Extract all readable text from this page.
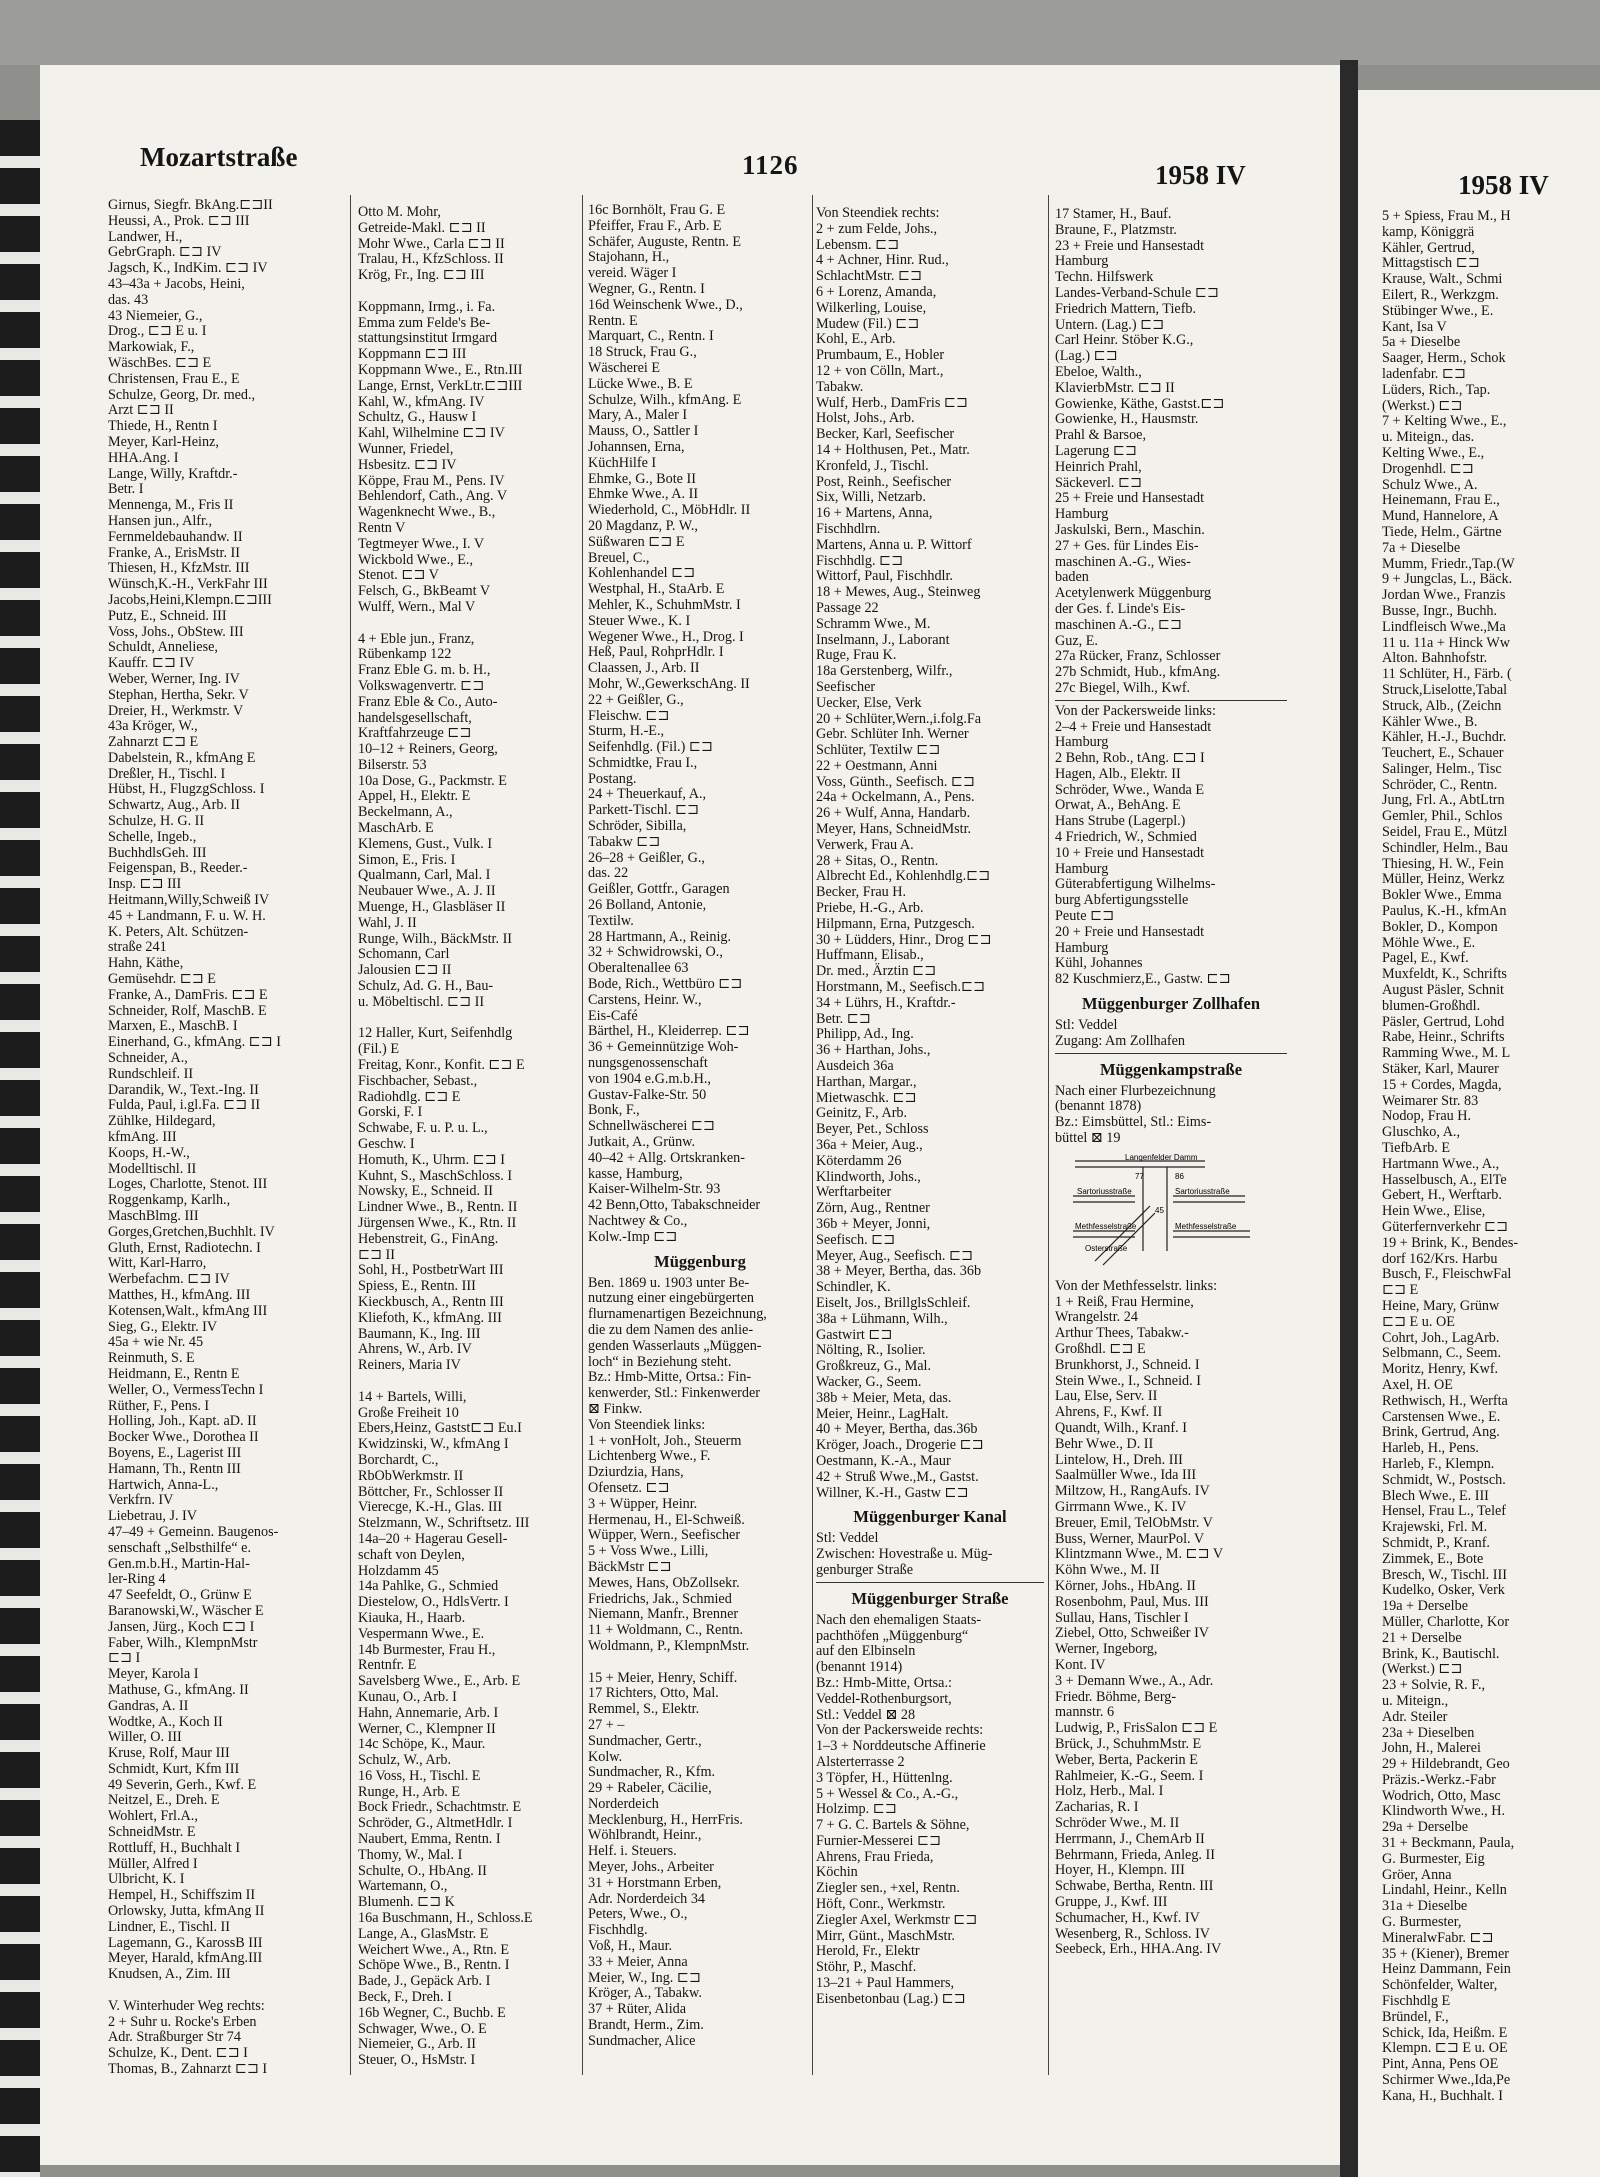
Mozartstraße	1126	1958 IV	1958 IV
Girnus, Siegfr. BkAng.⊏⊐II
Heussi, A., Prok. ⊏⊐ III
Landwer, H.,
GebrGraph. ⊏⊐ IV
Jagsch, K., IndKim. ⊏⊐ IV
43–43a + Jacobs, Heini,
das. 43
43 Niemeier, G.,
Drog., ⊏⊐ E u. I
Markowiak, F.,
WäschBes. ⊏⊐ E
Christensen, Frau E., E
Schulze, Georg, Dr. med.,
Arzt ⊏⊐ II
Thiede, H., Rentn I
Meyer, Karl-Heinz,
HHA.Ang. I
Lange, Willy, Kraftdr.-
Betr. I
Mennenga, M., Fris II
Hansen jun., Alfr.,
Fernmeldebauhandw. II
Franke, A., ErisMstr. II
Thiesen, H., KfzMstr. III
Wünsch,K.-H., VerkFahr III
Jacobs,Heini,Klempn.⊏⊐III
Putz, E., Schneid. III
Voss, Johs., ObStew. III
Schuldt, Anneliese,
Kauffr. ⊏⊐ IV
Weber, Werner, Ing. IV
Stephan, Hertha, Sekr. V
Dreier, H., Werkmstr. V
43a Kröger, W.,
Zahnarzt ⊏⊐ E
Dabelstein, R., kfmAng E
Dreßler, H., Tischl. I
Hübst, H., FlugzgSchloss. I
Schwartz, Aug., Arb. II
Schulze, H. G. II
Schelle, Ingeb.,
BuchhdlsGeh. III
Feigenspan, B., Reeder.-
Insp. ⊏⊐ III
Heitmann,Willy,Schweiß IV
45 + Landmann, F. u. W. H.
K. Peters, Alt. Schützen-
straße 241
Hahn, Käthe,
Gemüsehdr. ⊏⊐ E
Franke, A., DamFris. ⊏⊐ E
Schneider, Rolf, MaschB. E
Marxen, E., MaschB. I
Einerhand, G., kfmAng. ⊏⊐ I
Schneider, A.,
Rundschleif. II
Darandik, W., Text.-Ing. II
Fulda, Paul, i.gl.Fa. ⊏⊐ II
Zühlke, Hildegard,
kfmAng. III
Koops, H.-W.,
Modelltischl. II
Loges, Charlotte, Stenot. III
Roggenkamp, Karlh.,
MaschBlmg. III
Gorges,Gretchen,Buchhlt. IV
Gluth, Ernst, Radiotechn. I
Witt, Karl-Harro,
Werbefachm. ⊏⊐ IV
Matthes, H., kfmAng. III
Kotensen,Walt., kfmAng III
Sieg, G., Elektr. IV
45a + wie Nr. 45
Reinmuth, S. E
Heidmann, E., Rentn E
Weller, O., VermessTechn I
Rüther, F., Pens. I
Holling, Joh., Kapt. aD. II
Bocker Wwe., Dorothea II
Boyens, E., Lagerist III
Hamann, Th., Rentn III
Hartwich, Anna-L.,
Verkfrn. IV
Liebetrau, J. IV
47–49 + Gemeinn. Baugenos-
senschaft „Selbsthilfe“ e.
Gen.m.b.H., Martin-Hal-
ler-Ring 4
47 Seefeldt, O., Grünw E
Baranowski,W., Wäscher E
Jansen, Jürg., Koch ⊏⊐ I
Faber, Wilh., KlempnMstr
⊏⊐ I
Meyer, Karola I
Mathuse, G., kfmAng. II
Gandras, A. II
Wodtke, A., Koch II
Willer, O. III
Kruse, Rolf, Maur III
Schmidt, Kurt, Kfm III
49 Severin, Gerh., Kwf. E
Neitzel, E., Dreh. E
Wohlert, Frl.A.,
SchneidMstr. E
Rottluff, H., Buchhalt I
Müller, Alfred I
Ulbricht, K. I
Hempel, H., Schiffszim II
Orlowsky, Jutta, kfmAng II
Lindner, E., Tischl. II
Lagemann, G., KarossB III
Meyer, Harald, kfmAng.III
Knudsen, A., Zim. III

V. Winterhuder Weg rechts:
2 + Suhr u. Rocke's Erben
Adr. Straßburger Str 74
Schulze, K., Dent. ⊏⊐ I
Thomas, B., Zahnarzt ⊏⊐ I
Otto M. Mohr,
Getreide-Makl. ⊏⊐ II
Mohr Wwe., Carla ⊏⊐ II
Tralau, H., KfzSchloss. II
Krög, Fr., Ing. ⊏⊐ III

Koppmann, Irmg., i. Fa.
Emma zum Felde's Be-
stattungsinstitut Irmgard
Koppmann ⊏⊐ III
Koppmann Wwe., E., Rtn.III
Lange, Ernst, VerkLtr.⊏⊐III
Kahl, W., kfmAng. IV
Schultz, G., Hausw I
Kahl, Wilhelmine ⊏⊐ IV
Wunner, Friedel,
Hsbesitz. ⊏⊐ IV
Köppe, Frau M., Pens. IV
Behlendorf, Cath., Ang. V
Wagenknecht Wwe., B.,
Rentn V
Tegtmeyer Wwe., I. V
Wickbold Wwe., E.,
Stenot. ⊏⊐ V
Felsch, G., BkBeamt V
Wulff, Wern., Mal V

4 + Eble jun., Franz,
Rübenkamp 122
Franz Eble G. m. b. H.,
Volkswagenvertr. ⊏⊐
Franz Eble & Co., Auto-
handelsgesellschaft,
Kraftfahrzeuge ⊏⊐
10–12 + Reiners, Georg,
Bilserstr. 53
10a Dose, G., Packmstr. E
Appel, H., Elektr. E
Beckelmann, A.,
MaschArb. E
Klemens, Gust., Vulk. I
Simon, E., Fris. I
Qualmann, Carl, Mal. I
Neubauer Wwe., A. J. II
Muenge, H., Glasbläser II
Wahl, J. II
Runge, Wilh., BäckMstr. II
Schomann, Carl
Jalousien ⊏⊐ II
Schulz, Ad. G. H., Bau-
u. Möbeltischl. ⊏⊐ II

12 Haller, Kurt, Seifenhdlg
(Fil.) E
Freitag, Konr., Konfit. ⊏⊐ E
Fischbacher, Sebast.,
Radiohdlg. ⊏⊐ E
Gorski, F. I
Schwabe, F. u. P. u. L.,
Geschw. I
Homuth, K., Uhrm. ⊏⊐ I
Kuhnt, S., MaschSchloss. I
Nowsky, E., Schneid. II
Lindner Wwe., B., Rentn. II
Jürgensen Wwe., K., Rtn. II
Hebenstreit, G., FinAng.
⊏⊐ II
Sohl, H., PostbetrWart III
Spiess, E., Rentn. III
Kieckbusch, A., Rentn III
Kliefoth, K., kfmAng. III
Baumann, K., Ing. III
Ahrens, W., Arb. IV
Reiners, Maria IV

14 + Bartels, Willi,
Große Freiheit 10
Ebers,Heinz, Gastst⊏⊐ Eu.I
Kwidzinski, W., kfmAng I
Borchardt, C.,
RbObWerkmstr. II
Böttcher, Fr., Schlosser II
Vierecge, K.-H., Glas. III
Stelzmann, W., Schriftsetz. III
14a–20 + Hagerau Gesell-
schaft von Deylen,
Holzdamm 45
14a Pahlke, G., Schmied
Diestelow, O., HdlsVertr. I
Kiauka, H., Haarb.
Vespermann Wwe., E.
14b Burmester, Frau H.,
Rentnfr. E
Savelsberg Wwe., E., Arb. E
Kunau, O., Arb. I
Hahn, Annemarie, Arb. I
Werner, C., Klempner II
14c Schöpe, K., Maur.
Schulz, W., Arb.
16 Voss, H., Tischl. E
Runge, H., Arb. E
Bock Friedr., Schachtmstr. E
Schröder, G., AltmetHdlr. I
Naubert, Emma, Rentn. I
Thomy, W., Mal. I
Schulte, O., HbAng. II
Wartemann, O.,
Blumenh. ⊏⊐ K
16a Buschmann, H., Schloss.E
Lange, A., GlasMstr. E
Weichert Wwe., A., Rtn. E
Schöpe Wwe., B., Rentn. I
Bade, J., Gepäck Arb. I
Beck, F., Dreh. I
16b Wegner, C., Buchb. E
Schwager, Wwe., O. E
Niemeier, G., Arb. II
Steuer, O., HsMstr. I
16c Bornhölt, Frau G. E
Pfeiffer, Frau F., Arb. E
Schäfer, Auguste, Rentn. E
Stajohann, H.,
vereid. Wäger I
Wegner, G., Rentn. I
16d Weinschenk Wwe., D.,
Rentn. E
Marquart, C., Rentn. I
18 Struck, Frau G.,
Wäscherei E
Lücke Wwe., B. E
Schulze, Wilh., kfmAng. E
Mary, A., Maler I
Mauss, O., Sattler I
Johannsen, Erna,
KüchHilfe I
Ehmke, G., Bote II
Ehmke Wwe., A. II
Wiederhold, C., MöbHdlr. II
20 Magdanz, P. W.,
Süßwaren ⊏⊐ E
Breuel, C.,
Kohlenhandel ⊏⊐
Westphal, H., StaArb. E
Mehler, K., SchuhmMstr. I
Steuer Wwe., K. I
Wegener Wwe., H., Drog. I
Heß, Paul, RohprHdlr. I
Claassen, J., Arb. II
Mohr, W.,GewerkschAng. II
22 + Geißler, G.,
Fleischw. ⊏⊐
Sturm, H.-E.,
Seifenhdlg. (Fil.) ⊏⊐
Schmidtke, Frau I.,
Postang.
24 + Theuerkauf, A.,
Parkett-Tischl. ⊏⊐
Schröder, Sibilla,
Tabakw ⊏⊐
26–28 + Geißler, G.,
das. 22
Geißler, Gottfr., Garagen
26 Bolland, Antonie,
Textilw.
28 Hartmann, A., Reinig.
32 + Schwidrowski, O.,
Oberaltenallee 63
Bode, Rich., Wettbüro ⊏⊐
Carstens, Heinr. W.,
Eis-Café
Bärthel, H., Kleiderrep. ⊏⊐
36 + Gemeinnützige Woh-
nungsgenossenschaft
von 1904 e.G.m.b.H.,
Gustav-Falke-Str. 50
Bonk, F.,
Schnellwäscherei ⊏⊐
Jutkait, A., Grünw.
40–42 + Allg. Ortskranken-
kasse, Hamburg,
Kaiser-Wilhelm-Str. 93
42 Benn,Otto, Tabakschneider
Nachtwey & Co.,
Kolw.-Imp ⊏⊐
Müggenburg
Ben. 1869 u. 1903 unter Be-
nutzung einer eingebürgerten
flurnamenartigen Bezeichnung,
die zu dem Namen des anlie-
genden Wasserlauts „Müggen-
loch“ in Beziehung steht.
Bz.: Hmb-Mitte, Ortsa.: Fin-
kenwerder, Stl.: Finkenwerder
⊠ Finkw.
Von Steendiek links:
1 + vonHolt, Joh., Steuerm
Lichtenberg Wwe., F.
Dziurdzia, Hans,
Ofensetz. ⊏⊐
3 + Wüpper, Heinr.
Hermenau, H., El-Schweiß.
Wüpper, Wern., Seefischer
5 + Voss Wwe., Lilli,
BäckMstr ⊏⊐
Mewes, Hans, ObZollsekr.
Friedrichs, Jak., Schmied
Niemann, Manfr., Brenner
11 + Woldmann, C., Rentn.
Woldmann, P., KlempnMstr.

15 + Meier, Henry, Schiff.
17 Richters, Otto, Mal.
Remmel, S., Elektr.
27 + –
Sundmacher, Gertr.,
Kolw.
Sundmacher, R., Kfm.
29 + Rabeler, Cäcilie,
Norderdeich
Mecklenburg, H., HerrFris.
Wöhlbrandt, Heinr.,
Helf. i. Steuers.
Meyer, Johs., Arbeiter
31 + Horstmann Erben,
Adr. Norderdeich 34
Peters, Wwe., O.,
Fischhdlg.
Voß, H., Maur.
33 + Meier, Anna
Meier, W., Ing. ⊏⊐
Kröger, A., Tabakw.
37 + Rüter, Alida
Brandt, Herm., Zim.
Sundmacher, Alice
Von Steendiek rechts:
2 + zum Felde, Johs.,
Lebensm. ⊏⊐
4 + Achner, Hinr. Rud.,
SchlachtMstr. ⊏⊐
6 + Lorenz, Amanda,
Wilkerling, Louise,
Mudew (Fil.) ⊏⊐
Kohl, E., Arb.
Prumbaum, E., Hobler
12 + von Cölln, Mart.,
Tabakw.
Wulf, Herb., DamFris ⊏⊐
Holst, Johs., Arb.
Becker, Karl, Seefischer
14 + Holthusen, Pet., Matr.
Kronfeld, J., Tischl.
Post, Reinh., Seefischer
Six, Willi, Netzarb.
16 + Martens, Anna,
Fischhdlrn.
Martens, Anna u. P. Wittorf
Fischhdlg. ⊏⊐
Wittorf, Paul, Fischhdlr.
18 + Mewes, Aug., Steinweg
Passage 22
Schramm Wwe., M.
Inselmann, J., Laborant
Ruge, Frau K.
18a Gerstenberg, Wilfr.,
Seefischer
Uecker, Else, Verk
20 + Schlüter,Wern.,i.folg.Fa
Gebr. Schlüter Inh. Werner
Schlüter, Textilw ⊏⊐
22 + Oestmann, Anni
Voss, Günth., Seefisch. ⊏⊐
24a + Ockelmann, A., Pens.
26 + Wulf, Anna, Handarb.
Meyer, Hans, SchneidMstr.
Verwerk, Frau A.
28 + Sitas, O., Rentn.
Albrecht Ed., Kohlenhdlg.⊏⊐
Becker, Frau H.
Priebe, H.-G., Arb.
Hilpmann, Erna, Putzgesch.
30 + Lüdders, Hinr., Drog ⊏⊐
Huffmann, Elisab.,
Dr. med., Ärztin ⊏⊐
Horstmann, M., Seefisch.⊏⊐
34 + Lührs, H., Kraftdr.-
Betr. ⊏⊐
Philipp, Ad., Ing.
36 + Harthan, Johs.,
Ausdeich 36a
Harthan, Margar.,
Mietwaschk. ⊏⊐
Geinitz, F., Arb.
Beyer, Pet., Schloss
36a + Meier, Aug.,
Köterdamm 26
Klindworth, Johs.,
Werftarbeiter
Zörn, Aug., Rentner
36b + Meyer, Jonni,
Seefisch. ⊏⊐
Meyer, Aug., Seefisch. ⊏⊐
38 + Meyer, Bertha, das. 36b
Schindler, K.
Eiselt, Jos., BrillglsSchleif.
38a + Lühmann, Wilh.,
Gastwirt ⊏⊐
Nölting, R., Isolier.
Großkreuz, G., Mal.
Wacker, G., Seem.
38b + Meier, Meta, das.
Meier, Heinr., LagHalt.
40 + Meyer, Bertha, das.36b
Kröger, Joach., Drogerie ⊏⊐
Oestmann, K.-A., Maur
42 + Struß Wwe.,M., Gastst.
Willner, K.-H., Gastw ⊏⊐
Müggenburger Kanal
Stl: Veddel
Zwischen: Hovestraße u. Müg-
genburger Straße
Müggenburger Straße
Nach den ehemaligen Staats-
pachthöfen „Müggenburg“
auf den Elbinseln
(benannt 1914)
Bz.: Hmb-Mitte, Ortsa.:
Veddel-Rothenburgsort,
Stl.: Veddel ⊠ 28
Von der Packersweide rechts:
1–3 + Norddeutsche Affinerie
Alsterterrasse 2
3 Töpfer, H., Hüttenlng.
5 + Wessel & Co., A.-G.,
Holzimp. ⊏⊐
7 + G. C. Bartels & Söhne,
Furnier-Messerei ⊏⊐
Ahrens, Frau Frieda,
Köchin
Ziegler sen., +xel, Rentn.
Höft, Conr., Werkmstr.
Ziegler Axel, Werkmstr ⊏⊐
Mirr, Günt., MaschMstr.
Herold, Fr., Elektr
Stöhr, P., Maschf.
13–21 + Paul Hammers,
Eisenbetonbau (Lag.) ⊏⊐
17 Stamer, H., Bauf.
Braune, F., Platzmstr.
23 + Freie und Hansestadt
Hamburg
Techn. Hilfswerk
Landes-Verband-Schule ⊏⊐
Friedrich Mattern, Tiefb.
Untern. (Lag.) ⊏⊐
Carl Heinr. Stöber K.G.,
(Lag.) ⊏⊐
Ebeloe, Walth.,
KlavierbMstr. ⊏⊐ II
Gowienke, Käthe, Gastst.⊏⊐
Gowienke, H., Hausmstr.
Prahl & Barsoe,
Lagerung ⊏⊐
Heinrich Prahl,
Säckeverl. ⊏⊐
25 + Freie und Hansestadt
Hamburg
Jaskulski, Bern., Maschin.
27 + Ges. für Lindes Eis-
maschinen A.-G., Wies-
baden
Acetylenwerk Müggenburg
der Ges. f. Linde's Eis-
maschinen A.-G., ⊏⊐
Guz, E.
27a Rücker, Franz, Schlosser
27b Schmidt, Hub., kfmAng.
27c Biegel, Wilh., Kwf.
Von der Packersweide links:
2–4 + Freie und Hansestadt
Hamburg
2 Behn, Rob., tAng. ⊏⊐ I
Hagen, Alb., Elektr. II
Schröder, Wwe., Wanda E
Orwat, A., BehAng. E
Hans Strube (Lagerpl.)
4 Friedrich, W., Schmied
10 + Freie und Hansestadt
Hamburg
Güterabfertigung Wilhelms-
burg Abfertigungsstelle
Peute ⊏⊐
20 + Freie und Hansestadt
Hamburg
Kühl, Johannes
82 Kuschmierz,E., Gastw. ⊏⊐
Müggenburger Zollhafen
Stl: Veddel
Zugang: Am Zollhafen
Müggenkampstraße
Nach einer Flurbezeichnung
(benannt 1878)
Bz.: Eimsbüttel, Stl.: Eims-
büttel ⊠ 19
Langenfelder Damm
86
77
Sartoriusstraße
45
Sartoriusstraße
Methfesselstraße	Methfesselstraße
Osterstraße
Von der Methfesselstr. links:
1 + Reiß, Frau Hermine,
Wrangelstr. 24
Arthur Thees, Tabakw.-
Großhdl. ⊏⊐ E
Brunkhorst, J., Schneid. I
Stein Wwe., I., Schneid. I
Lau, Else, Serv. II
Ahrens, F., Kwf. II
Quandt, Wilh., Kranf. I
Behr Wwe., D. II
Lintelow, H., Dreh. III
Saalmüller Wwe., Ida III
Miltzow, H., RangAufs. IV
Girrmann Wwe., K. IV
Breuer, Emil, TelObMstr. V
Buss, Werner, MaurPol. V
Klintzmann Wwe., M. ⊏⊐ V
Köhn Wwe., M. II
Körner, Johs., HbAng. II
Rosenbohm, Paul, Mus. III
Sullau, Hans, Tischler I
Ziebel, Otto, Schweißer IV
Werner, Ingeborg,
Kont. IV
3 + Demann Wwe., A., Adr.
Friedr. Böhme, Berg-
mannstr. 6
Ludwig, P., FrisSalon ⊏⊐ E
Brück, J., SchuhmMstr. E
Weber, Berta, Packerin E
Rahlmeier, K.-G., Seem. I
Holz, Herb., Mal. I
Zacharias, R. I
Schröder Wwe., M. II
Herrmann, J., ChemArb II
Behrmann, Frieda, Anleg. II
Hoyer, H., Klempn. III
Schwabe, Bertha, Rentn. III
Gruppe, J., Kwf. III
Schumacher, H., Kwf. IV
Wesenberg, R., Schloss. IV
Seebeck, Erh., HHA.Ang. IV
5 + Spiess, Frau M., H
kamp, Königgrä
Kähler, Gertrud,
Mittagstisch ⊏⊐
Krause, Walt., Schmi
Eilert, R., Werkzgm.
Stübinger Wwe., E.
Kant, Isa V
5a + Dieselbe
Saager, Herm., Schok
ladenfabr. ⊏⊐
Lüders, Rich., Tap.
(Werkst.) ⊏⊐
7 + Kelting Wwe., E.,
u. Miteign., das.
Kelting Wwe., E.,
Drogenhdl. ⊏⊐
Schulz Wwe., A.
Heinemann, Frau E.,
Mund, Hannelore, A
Tiede, Helm., Gärtne
7a + Dieselbe
Mumm, Friedr.,Tap.(W
9 + Jungclas, L., Bäck.
Jordan Wwe., Franzis
Busse, Ingr., Buchh.
Lindfleisch Wwe.,Ma
11 u. 11a + Hinck Ww
Alton. Bahnhofstr.
11 Schlüter, H., Färb. (
Struck,Liselotte,Tabal
Struck, Alb., (Zeichn
Kähler Wwe., B.
Kähler, H.-J., Buchdr.
Teuchert, E., Schauer
Salinger, Helm., Tisc
Schröder, C., Rentn.
Jung, Frl. A., AbtLtrn
Gemler, Phil., Schlos
Seidel, Frau E., Mützl
Schindler, Helm., Bau
Thiesing, H. W., Fein
Müller, Heinz, Werkz
Bokler Wwe., Emma
Paulus, K.-H., kfmAn
Bokler, D., Kompon
Möhle Wwe., E.
Pagel, E., Kwf.
Muxfeldt, K., Schrifts
August Päsler, Schnit
blumen-Großhdl.
Päsler, Gertrud, Lohd
Rabe, Heinr., Schrifts
Ramming Wwe., M. L
Stäker, Karl, Maurer
15 + Cordes, Magda,
Weimarer Str. 83
Nodop, Frau H.
Gluschko, A.,
TiefbArb. E
Hartmann Wwe., A.,
Hasselbusch, A., ElTe
Gebert, H., Werftarb.
Hein Wwe., Elise,
Güterfernverkehr ⊏⊐
19 + Brink, K., Bendes-
dorf 162/Krs. Harbu
Busch, F., FleischwFal
⊏⊐ E
Heine, Mary, Grünw
⊏⊐ E u. OE
Cohrt, Joh., LagArb.
Selbmann, C., Seem.
Moritz, Henry, Kwf.
Axel, H. OE
Rethwisch, H., Werfta
Carstensen Wwe., E.
Brink, Gertrud, Ang.
Harleb, H., Pens.
Harleb, F., Klempn.
Schmidt, W., Postsch.
Blech Wwe., E. III
Hensel, Frau L., Telef
Krajewski, Frl. M.
Schmidt, P., Kranf.
Zimmek, E., Bote
Bresch, W., Tischl. III
Kudelko, Osker, Verk
19a + Derselbe
Müller, Charlotte, Kor
21 + Derselbe
Brink, K., Bautischl.
(Werkst.) ⊏⊐
23 + Solvie, R. F.,
u. Miteign.,
Adr. Steiler
23a + Dieselben
John, H., Malerei
29 + Hildebrandt, Geo
Präzis.-Werkz.-Fabr
Wodrich, Otto, Masc
Klindworth Wwe., H.
29a + Derselbe
31 + Beckmann, Paula,
G. Burmester, Eig
Gröer, Anna
Lindahl, Heinr., Kelln
31a + Dieselbe
G. Burmester,
MineralwFabr. ⊏⊐
35 + (Kiener), Bremer
Heinz Dammann, Fein
Schönfelder, Walter,
Fischhdlg E
Bründel, F.,
Schick, Ida, Heißm. E
Klempn. ⊏⊐ E u. OE
Pint, Anna, Pens OE
Schirmer Wwe.,Ida,Pe
Kana, H., Buchhalt. I
